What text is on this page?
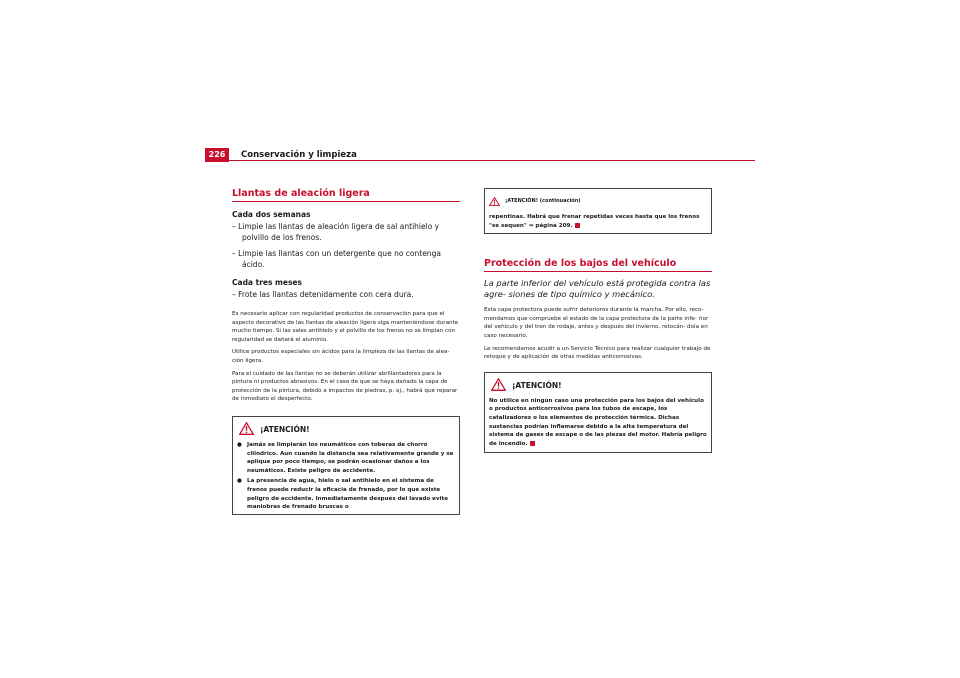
226	Conservación y limpieza
Llantas de aleación ligera
Cada dos semanas
– Limpie las llantas de aleación ligera de sal antihielo y polvillo de los frenos.
– Limpie las llantas con un detergente que no contenga ácido.
Cada tres meses
– Frote las llantas detenidamente con cera dura.
Es necesario aplicar con regularidad productos de conservación para que el aspecto decorativo de las llantas de aleación ligera siga manteniéndose durante mucho tiempo. Si las sales antihielo y el polvillo de los frenos no se limpian con regularidad se dañará el aluminio.
Utilice productos especiales sin ácidos para la limpieza de las llantas de alea- ción ligera.
Para el cuidado de las llantas no se deberán utilizar abrillantadores para la pintura ni productos abrasivos. En el caso de que se haya dañado la capa de protección de la pintura, debido a impactos de piedras, p. ej., habrá que reparar de inmediato el desperfecto.
¡ATENCIÓN!
● Jamás se limpiarán los neumáticos con toberas de chorro cilíndrico. Aun cuando la distancia sea relativamente grande y se aplique por poco tiempo, se podrán ocasionar daños a los neumáticos. Existe peligro de accidente.
● La presencia de agua, hielo o sal antihielo en el sistema de frenos puede reducir la eficacia de frenado, por lo que existe peligro de accidente. Inmediatamente después del lavado evite maniobras de frenado bruscas o
¡ATENCIÓN! (continuación)
repentinas. Habrá que frenar repetidas veces hasta que los frenos "se sequen" ⇒ página 209.
Protección de los bajos del vehículo
La parte inferior del vehículo está protegida contra las agre- siones de tipo químico y mecánico.
Esta capa protectora puede sufrir deterioros durante la marcha. Por ello, reco- mendamos que compruebe el estado de la capa protectora de la parte infe- rior del vehículo y del tren de rodaje, antes y después del invierno, retocán- dola en caso necesario.
Le recomendamos acudir a un Servicio Técnico para realizar cualquier trabajo de retoque y de aplicación de otras medidas anticorrosivas.
¡ATENCIÓN!
No utilice en ningún caso una protección para los bajos del vehículo o productos anticorrosivos para los tubos de escape, los catalizadores o los elementos de protección térmica. Dichas sustancias podrían inflamarse debido a la alta temperatura del sistema de gases de escape o de las piezas del motor. Habría peligro de incendio.
